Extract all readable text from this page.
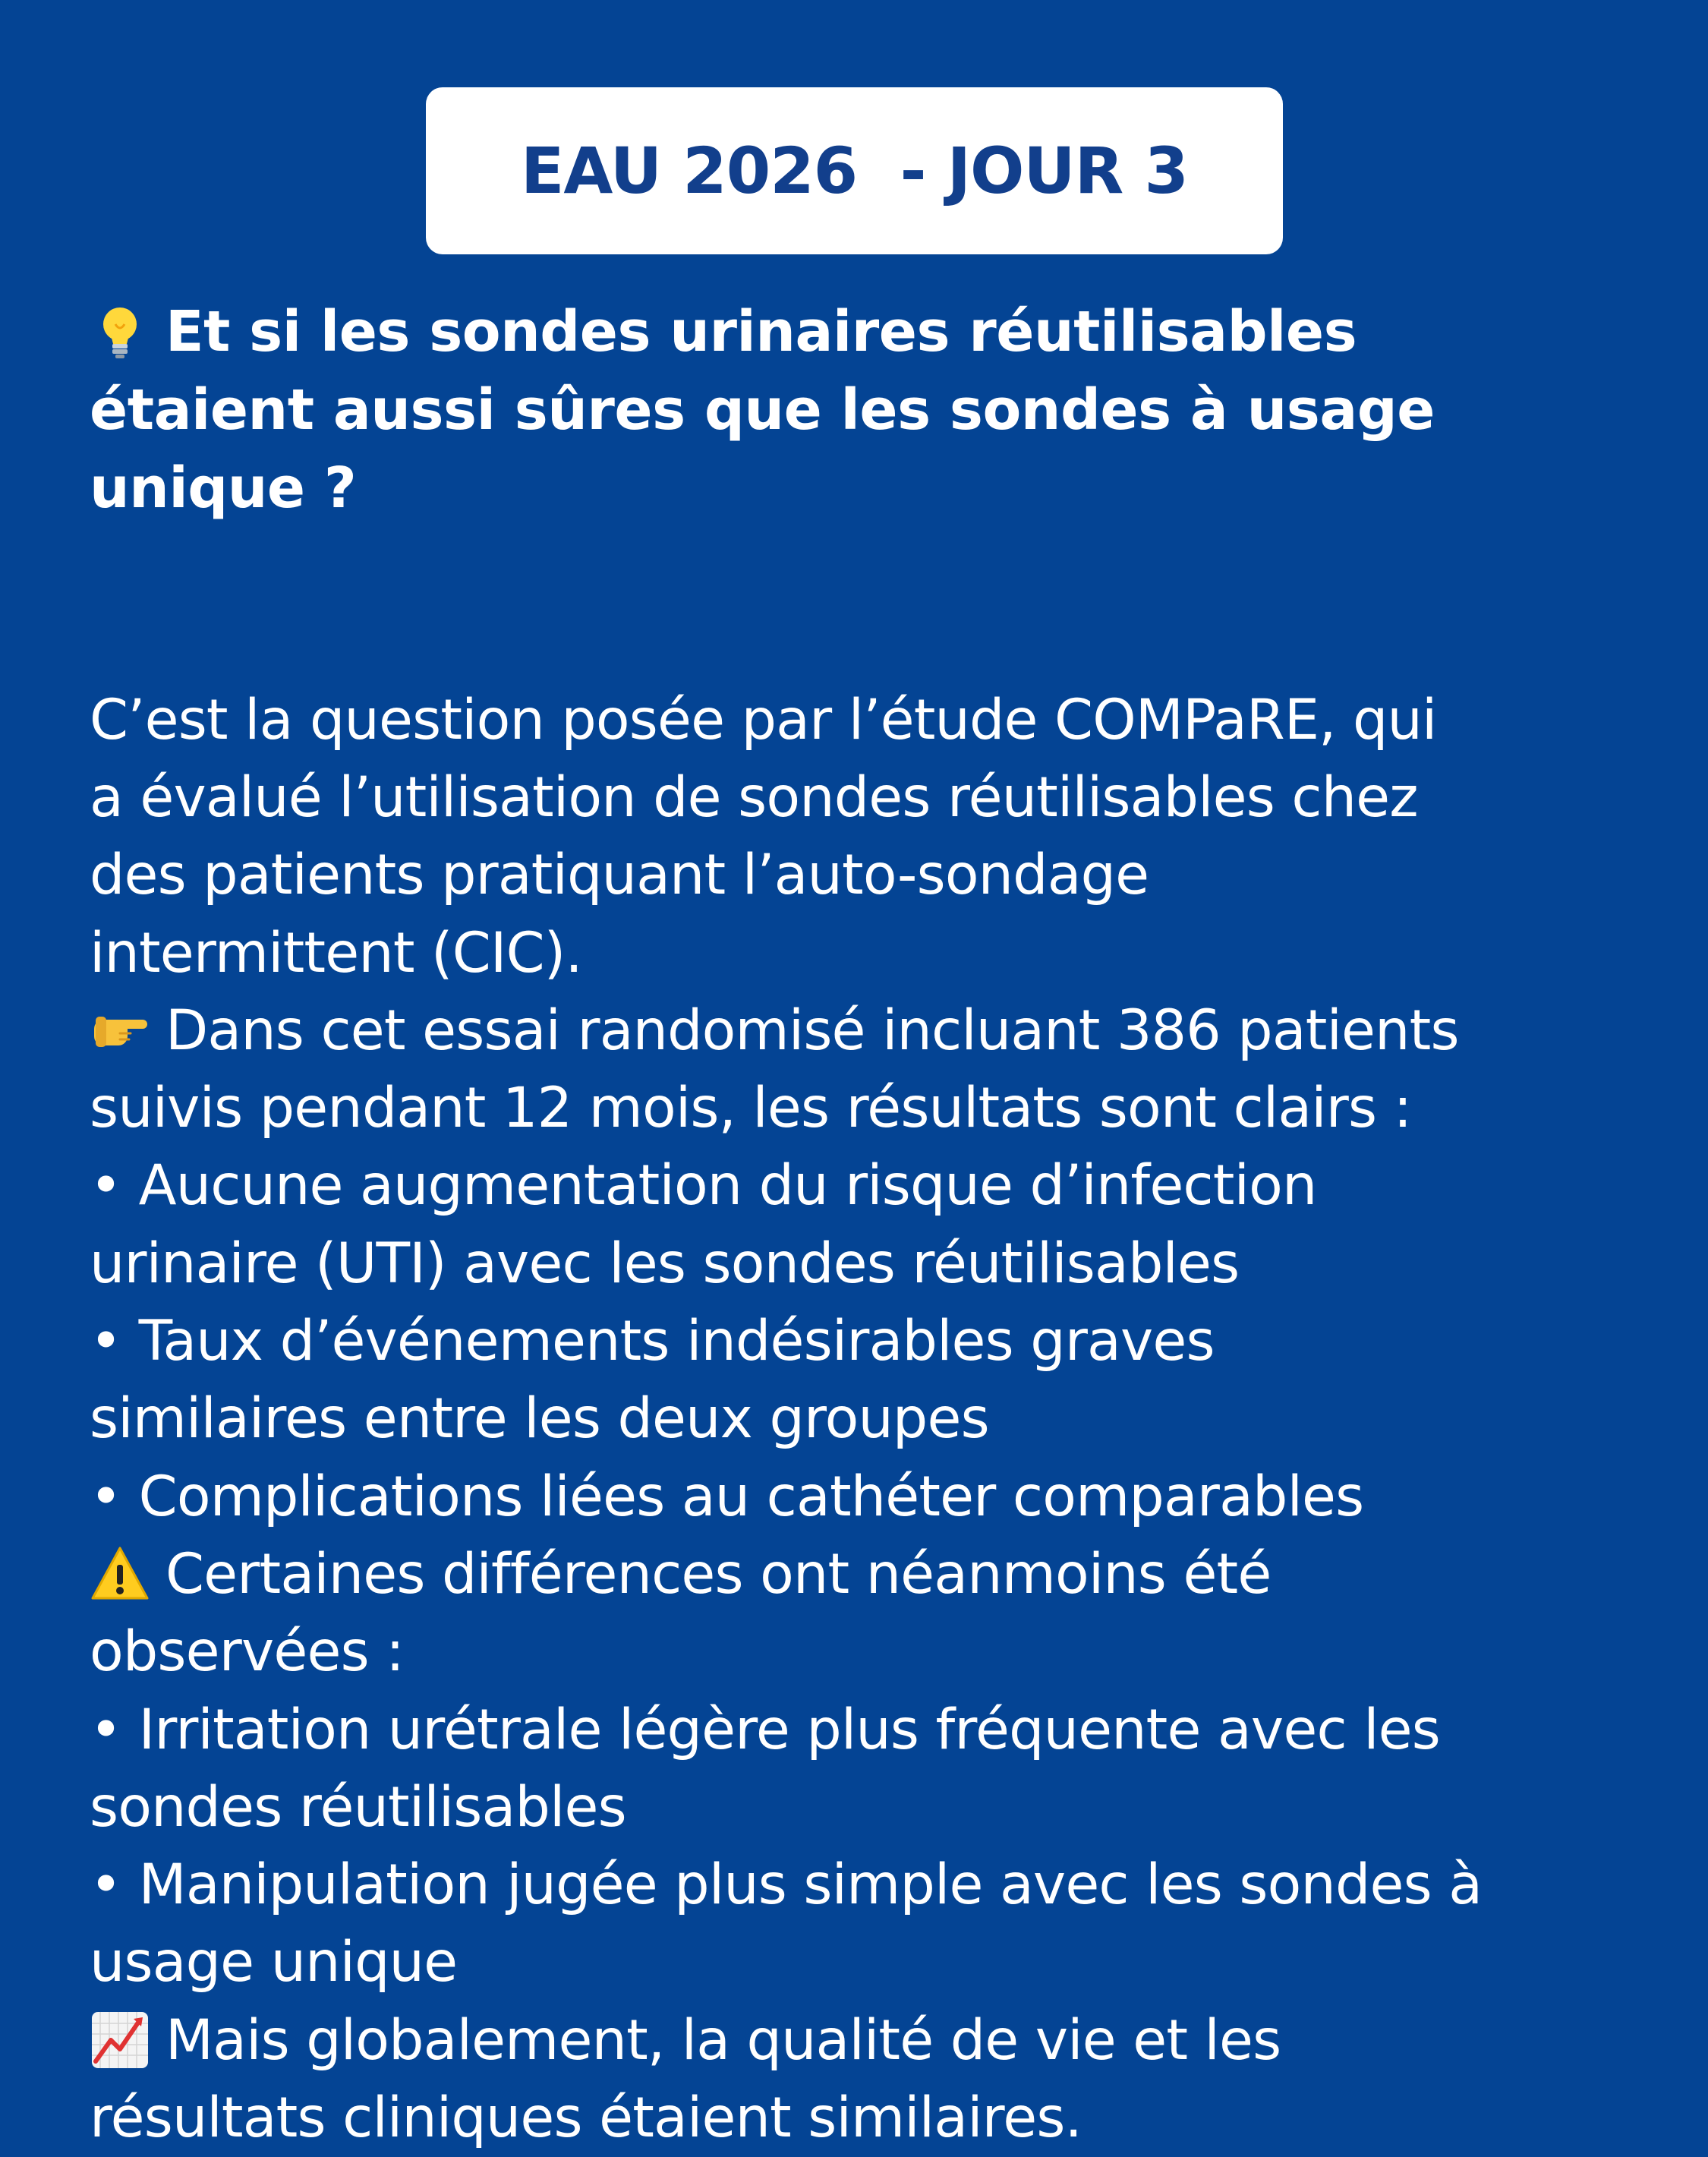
EAU 2026  - JOUR 3
Et si les sondes urinaires réutilisables
étaient aussi sûres que les sondes à usage
unique ?
C’est la question posée par l’étude COMPaRE, qui
a évalué l’utilisation de sondes réutilisables chez
des patients pratiquant l’auto-sondage
intermittent (CIC).
Dans cet essai randomisé incluant 386 patients
suivis pendant 12 mois, les résultats sont clairs :
• Aucune augmentation du risque d’infection
urinaire (UTI) avec les sondes réutilisables
• Taux d’événements indésirables graves
similaires entre les deux groupes
• Complications liées au cathéter comparables
Certaines différences ont néanmoins été
observées :
• Irritation urétrale légère plus fréquente avec les
sondes réutilisables
• Manipulation jugée plus simple avec les sondes à
usage unique
Mais globalement, la qualité de vie et les
résultats cliniques étaient similaires.
